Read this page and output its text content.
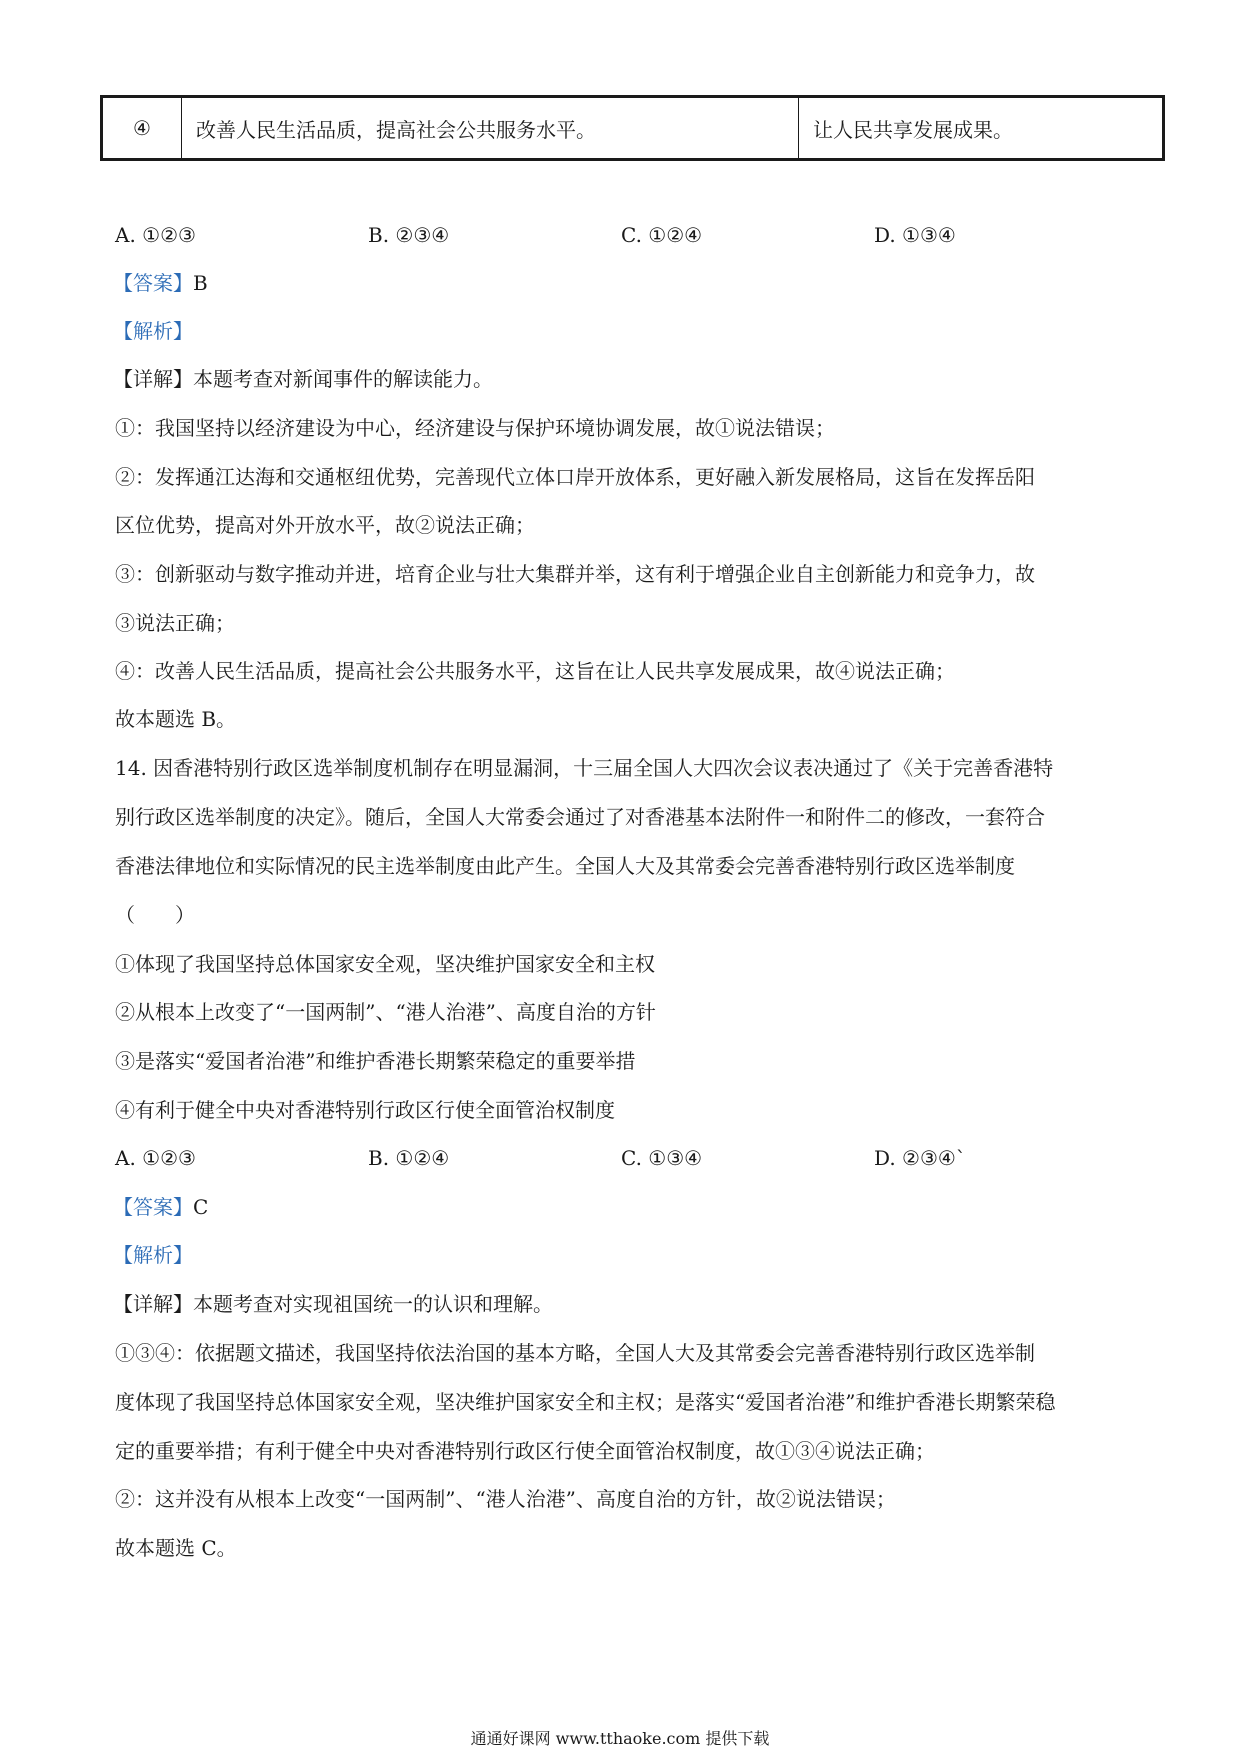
④	改善人民生活品质，提高社会公共服务水平。	让人民共享发展成果。
A. ①②③	B. ②③④	C. ①②④	D. ①③④
【答案】B
【解析】
【详解】本题考查对新闻事件的解读能力。
①：我国坚持以经济建设为中心，经济建设与保护环境协调发展，故①说法错误；
②：发挥通江达海和交通枢纽优势，完善现代立体口岸开放体系，更好融入新发展格局，这旨在发挥岳阳
区位优势，提高对外开放水平，故②说法正确；
③：创新驱动与数字推动并进，培育企业与壮大集群并举，这有利于增强企业自主创新能力和竞争力，故
③说法正确；
④：改善人民生活品质，提高社会公共服务水平，这旨在让人民共享发展成果，故④说法正确；
故本题选 B。
14. 因香港特别行政区选举制度机制存在明显漏洞，十三届全国人大四次会议表决通过了《关于完善香港特
别行政区选举制度的决定》。随后，全国人大常委会通过了对香港基本法附件一和附件二的修改，一套符合
香港法律地位和实际情况的民主选举制度由此产生。全国人大及其常委会完善香港特别行政区选举制度
（　　）
①体现了我国坚持总体国家安全观，坚决维护国家安全和主权
②从根本上改变了“一国两制”、“港人治港”、高度自治的方针
③是落实“爱国者治港”和维护香港长期繁荣稳定的重要举措
④有利于健全中央对香港特别行政区行使全面管治权制度
A. ①②③	B. ①②④	C. ①③④	D. ②③④`
【答案】C
【解析】
【详解】本题考查对实现祖国统一的认识和理解。
①③④：依据题文描述，我国坚持依法治国的基本方略，全国人大及其常委会完善香港特别行政区选举制
度体现了我国坚持总体国家安全观，坚决维护国家安全和主权；是落实“爱国者治港”和维护香港长期繁荣稳
定的重要举措；有利于健全中央对香港特别行政区行使全面管治权制度，故①③④说法正确；
②：这并没有从根本上改变“一国两制”、“港人治港”、高度自治的方针，故②说法错误；
故本题选 C。
通通好课网 www.tthaoke.com 提供下载
